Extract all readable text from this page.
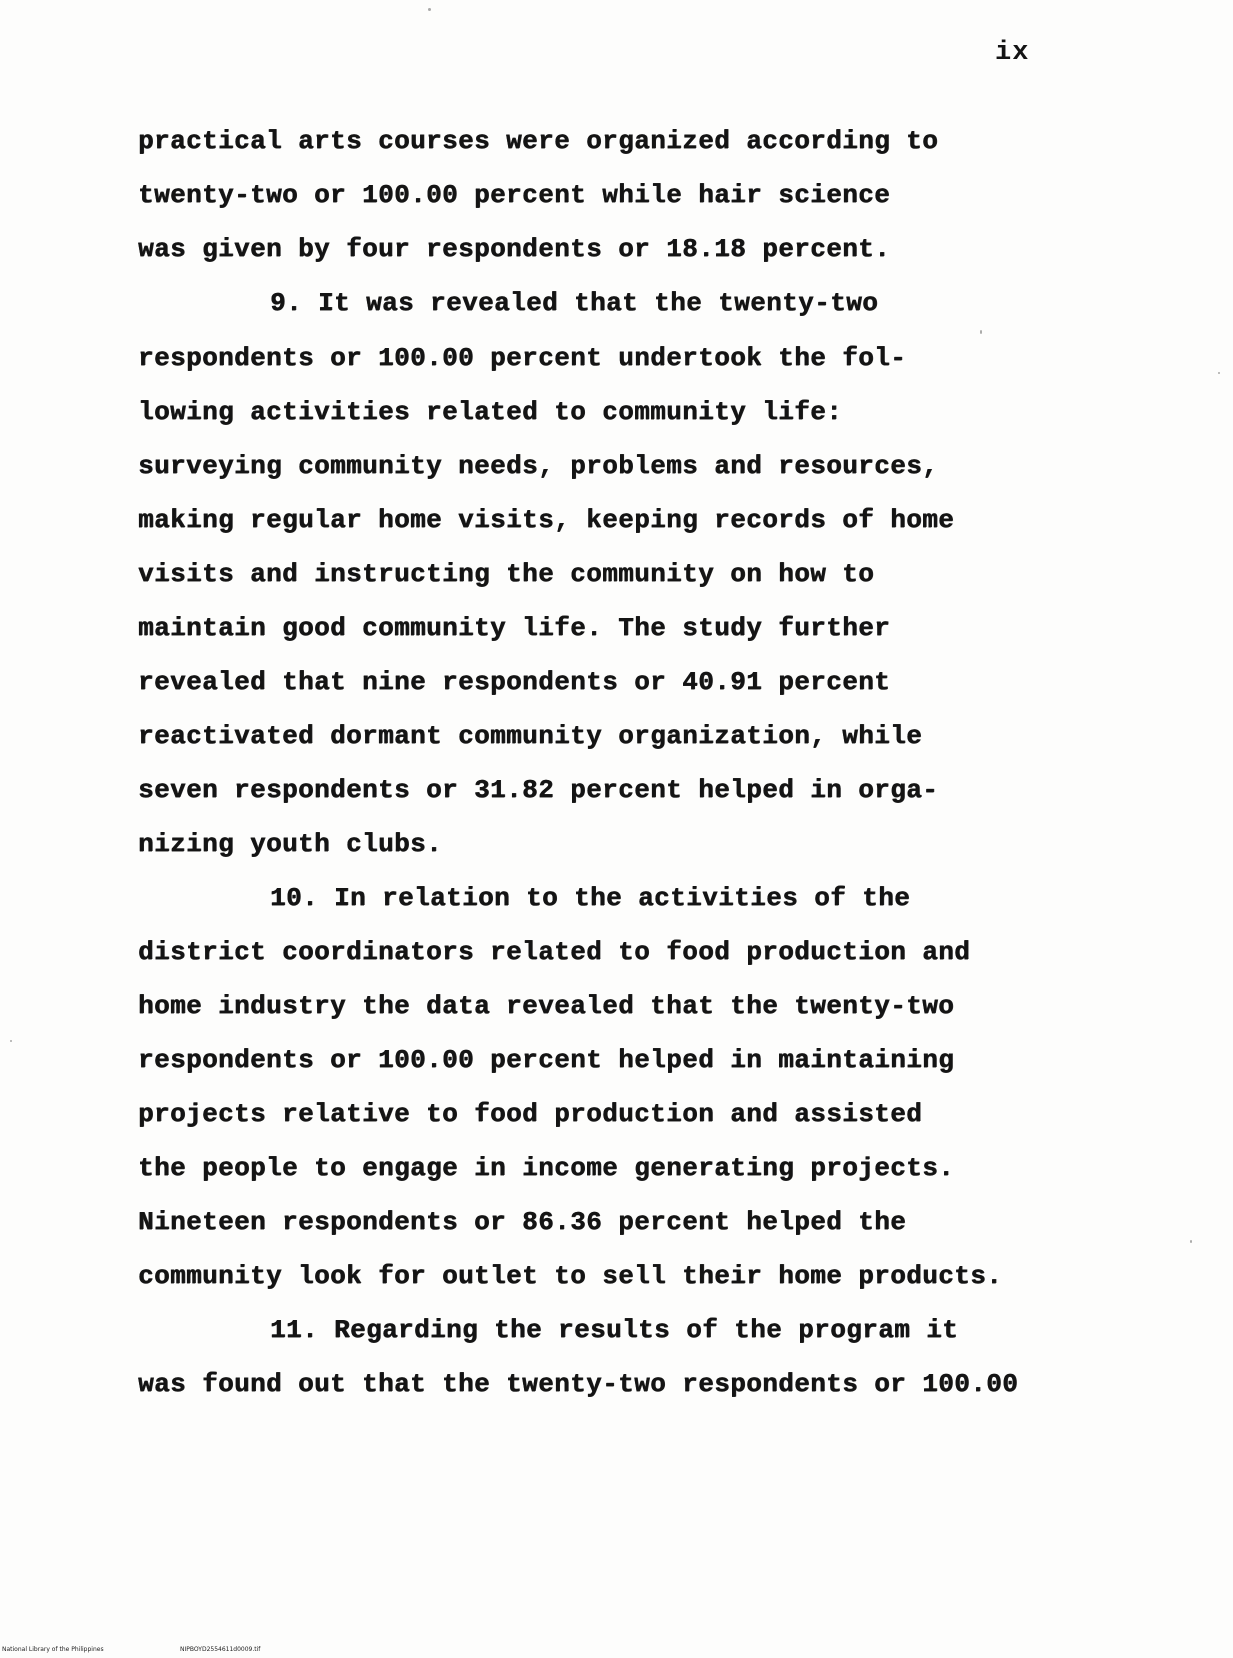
ix
practical arts courses were organized according to
twenty-two or 100.00 percent while hair science
was given by four respondents or 18.18 percent.
9. It was revealed that the twenty-two
respondents or 100.00 percent undertook the fol-
lowing activities related to community life:
surveying community needs, problems and resources,
making regular home visits, keeping records of home
visits and instructing the community on how to
maintain good community life. The study further
revealed that nine respondents or 40.91 percent
reactivated dormant community organization, while
seven respondents or 31.82 percent helped in orga-
nizing youth clubs.
10. In relation to the activities of the
district coordinators related to food production and
home industry the data revealed that the twenty-two
respondents or 100.00 percent helped in maintaining
projects relative to food production and assisted
the people to engage in income generating projects.
Nineteen respondents or 86.36 percent helped the
community look for outlet to sell their home products.
11. Regarding the results of the program it
was found out that the twenty-two respondents or 100.00
National Library of the Philippines	NIPBOYD2554611d0009.tif
